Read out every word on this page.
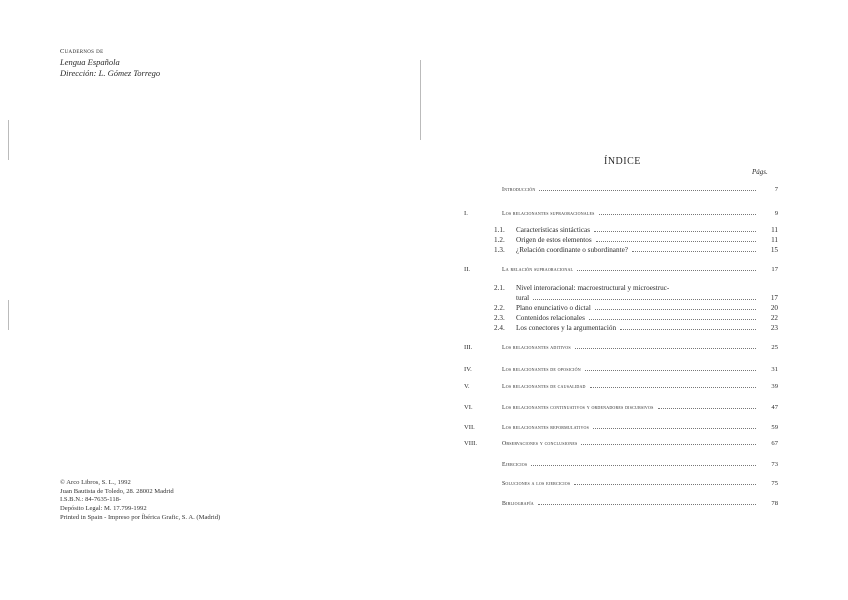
Cuadernos de
Lengua Española
Dirección: L. Gómez Torrego
© Arco Libros, S. L., 1992
Juan Bautista de Toledo, 28. 28002 Madrid
I.S.B.N.: 84-7635-118-
Depósito Legal: M. 17.799-1992
Printed in Spain - Impreso por Íbérica Grafic, S. A. (Madrid)
ÍNDICE
Págs.
Introducción	7
I.	Los relacionantes supraoracionales	9
1.1.	Características sintácticas	11
1.2.	Origen de estos elementos	11
1.3.	¿Relación coordinante o subordinante?	15
II.	La relación supraoracional	17
2.1.	Nivel interoracional: macroestructural y microestruc-
tural	17
2.2.	Plano enunciativo o dictal	20
2.3.	Contenidos relacionales	22
2.4.	Los conectores y la argumentación	23
III.	Los relacionantes aditivos	25
IV.	Los relacionantes de oposición	31
V.	Los relacionantes de causalidad	39
VI.	Los relacionantes continuativos y ordenadores discursivos	47
VII.	Los relacionantes reformulativos	59
VIII.	Observaciones y conclusiones	67
Ejercicios	73
Soluciones a los ejercicios	75
Bibliografía	78
